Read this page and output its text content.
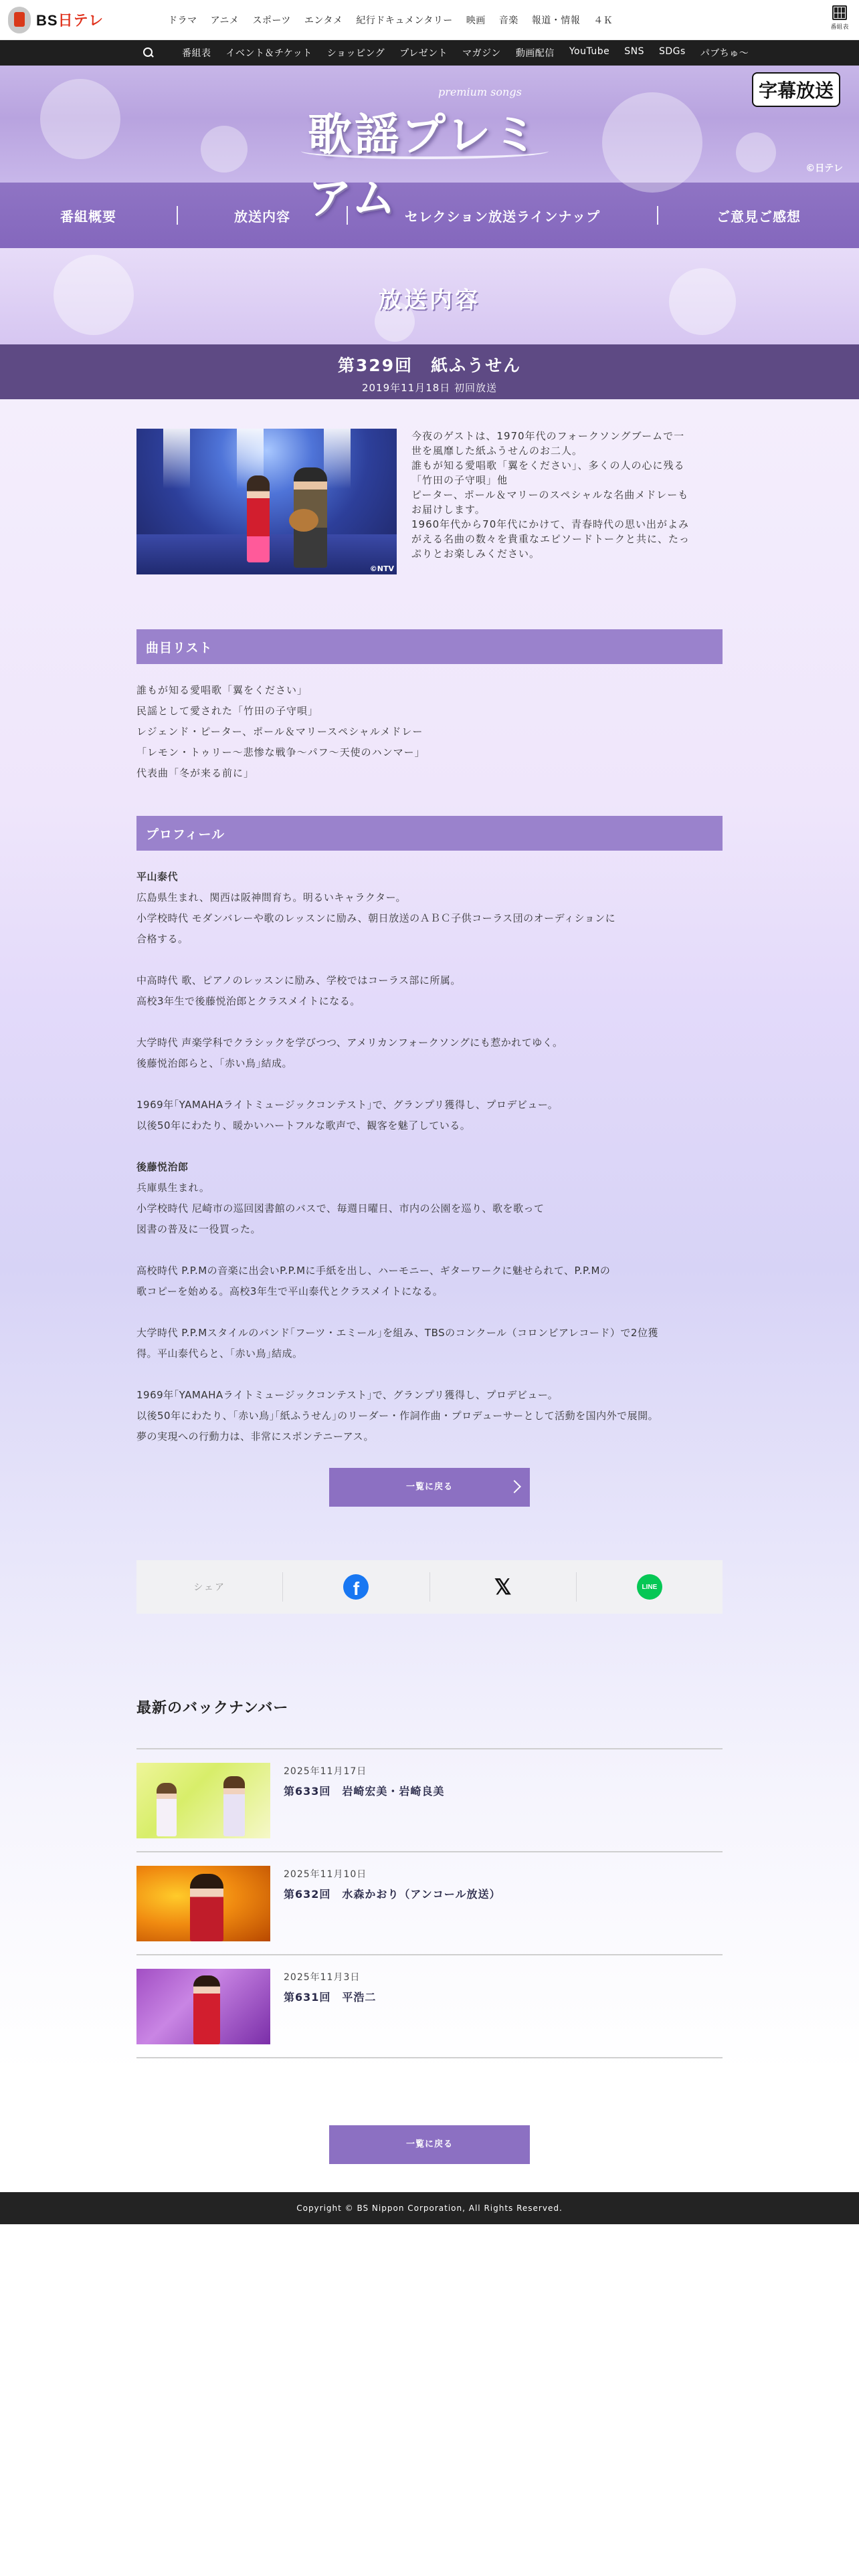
BS日テレ	ドラマ アニメ スポーツ エンタメ 紀行ドキュメンタリー 映画 音楽 報道・情報 ４Ｋ
番組表
番組表 イベント＆チケット ショッピング プレゼント マガジン 動画配信 YouTube SNS SDGs パブちゅ〜
premium songs
歌謡プレミアム
字幕放送
©日テレ
番組概要	放送内容	セレクション放送ラインナップ	ご意見ご感想
放送内容
第329回　紙ふうせん
2019年11月18日 初回放送
©NTV
今夜のゲストは、1970年代のフォークソングブームで一
世を風靡した紙ふうせんのお二人。
誰もが知る愛唱歌「翼をください」、多くの人の心に残る
「竹田の子守唄」他
ピーター、ポール＆マリーのスペシャルな名曲メドレーも
お届けします。
1960年代から70年代にかけて、青春時代の思い出がよみ
がえる名曲の数々を貴重なエピソードトークと共に、たっ
ぷりとお楽しみください。
曲目リスト
誰もが知る愛唱歌「翼をください」
民謡として愛された「竹田の子守唄」
レジェンド・ピーター、ポール＆マリースペシャルメドレー
「レモン・トゥリー〜悲惨な戦争〜パフ〜天使のハンマー」
代表曲「冬が来る前に」
プロフィール
平山泰代

広島県生まれ、関西は阪神間育ち。明るいキャラクター。
小学校時代 モダンバレーや歌のレッスンに励み、朝日放送のＡＢＣ子供コーラス団のオーディションに
合格する。

中高時代 歌、ピアノのレッスンに励み、学校ではコーラス部に所属。
高校3年生で後藤悦治郎とクラスメイトになる。

大学時代 声楽学科でクラシックを学びつつ、アメリカンフォークソングにも惹かれてゆく。
後藤悦治郎らと、｢赤い鳥｣結成。

1969年｢YAMAHAライトミュージックコンテスト｣で、グランプリ獲得し、プロデビュー。
以後50年にわたり、暖かいハートフルな歌声で、観客を魅了している。

後藤悦治郎

兵庫県生まれ。
小学校時代 尼崎市の巡回図書館のバスで、毎週日曜日、市内の公園を巡り、歌を歌って
図書の普及に一役買った。

高校時代 P.P.Mの音楽に出会いP.P.Mに手紙を出し、ハーモニー、ギターワークに魅せられて、P.P.Mの
歌コピーを始める。高校3年生で平山泰代とクラスメイトになる。

大学時代 P.P.Mスタイルのバンド｢フーツ・エミール｣を組み、TBSのコンクール（コロンビアレコード）で2位獲
得。平山泰代らと、｢赤い鳥｣結成。

1969年｢YAMAHAライトミュージックコンテスト｣で、グランプリ獲得し、プロデビュー。
以後50年にわたり、｢赤い鳥｣｢紙ふうせん｣のリーダー・作詞作曲・プロデューサーとして活動を国内外で展開。
夢の実現への行動力は、非常にスポンテニーアス。

一覧に戻る
シェア	f	𝕏	LINE
最新のバックナンバー
2025年11月17日
第633回　岩崎宏美・岩崎良美
2025年11月10日
第632回　水森かおり（アンコール放送）
2025年11月3日
第631回　平浩二
一覧に戻る
Copyright © BS Nippon Corporation, All Rights Reserved.
